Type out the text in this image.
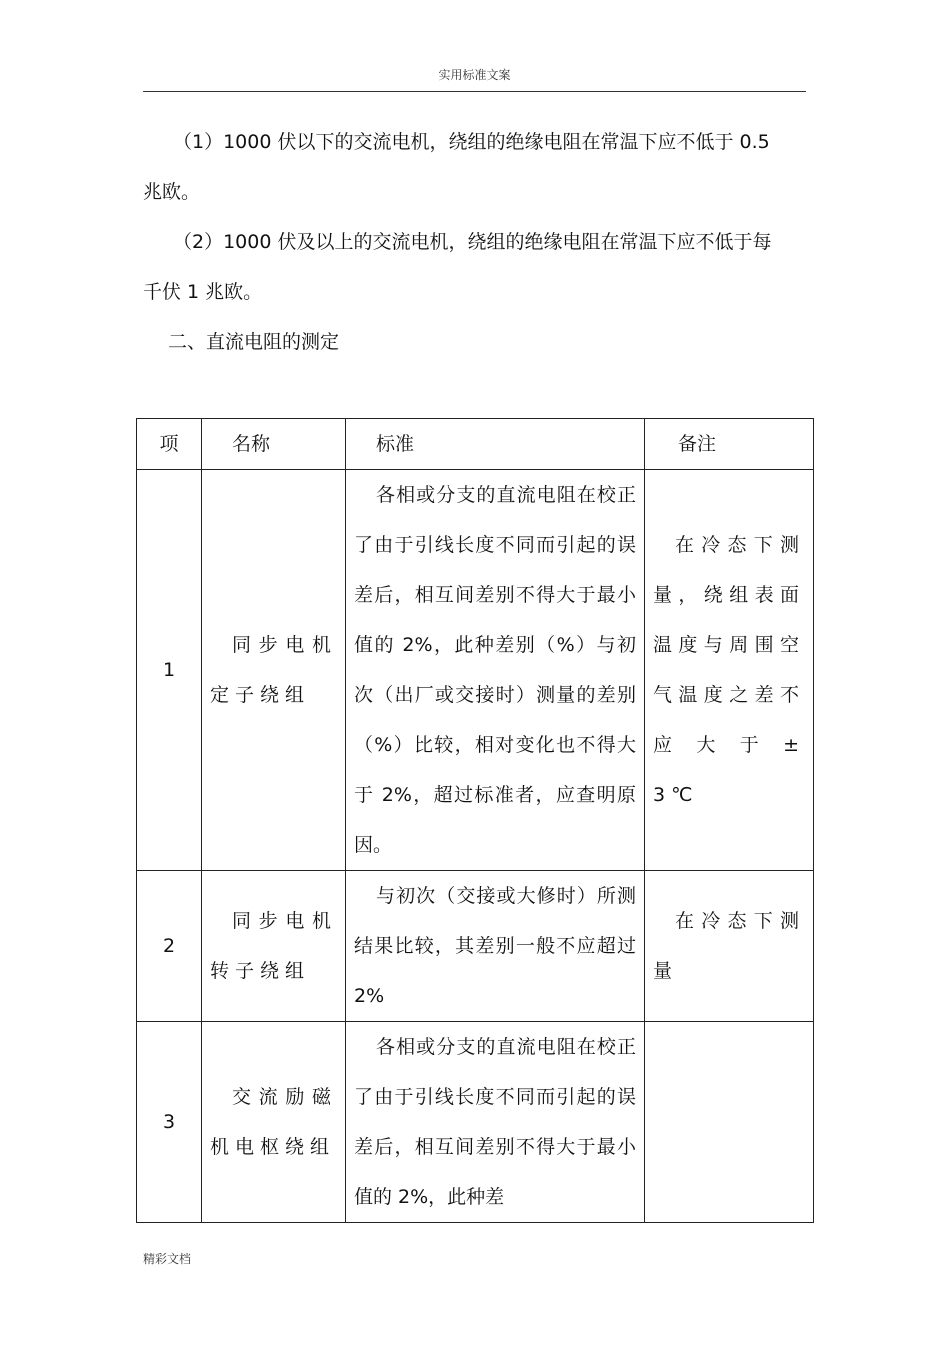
实用标准文案

（1）1000 伏以下的交流电机，绕组的绝缘电阻在常温下应不低于 0.5 兆欧。

（2）1000 伏及以上的交流电机，绕组的绝缘电阻在常温下应不低于每千伏 1 兆欧。

二、直流电阻的测定
项	名称	标准	备注
1	同步电机定子绕组	各相或分支的直流电阻在校正了由于引线长度不同而引起的误差后，相互间差别不得大于最小值的 2%，此种差别（%）与初次（出厂或交接时）测量的差别（%）比较，相对变化也不得大于 2%，超过标准者，应查明原因。	在冷态下测量，绕组表面温度与周围空气温度之差不应大于± 3℃
2	同步电机转子绕组	与初次（交接或大修时）所测结果比较，其差别一般不应超过 2%	在冷态下测量
3	交流励磁机电枢绕组	各相或分支的直流电阻在校正了由于引线长度不同而引起的误差后，相互间差别不得大于最小值的 2%，此种差	
精彩文档
